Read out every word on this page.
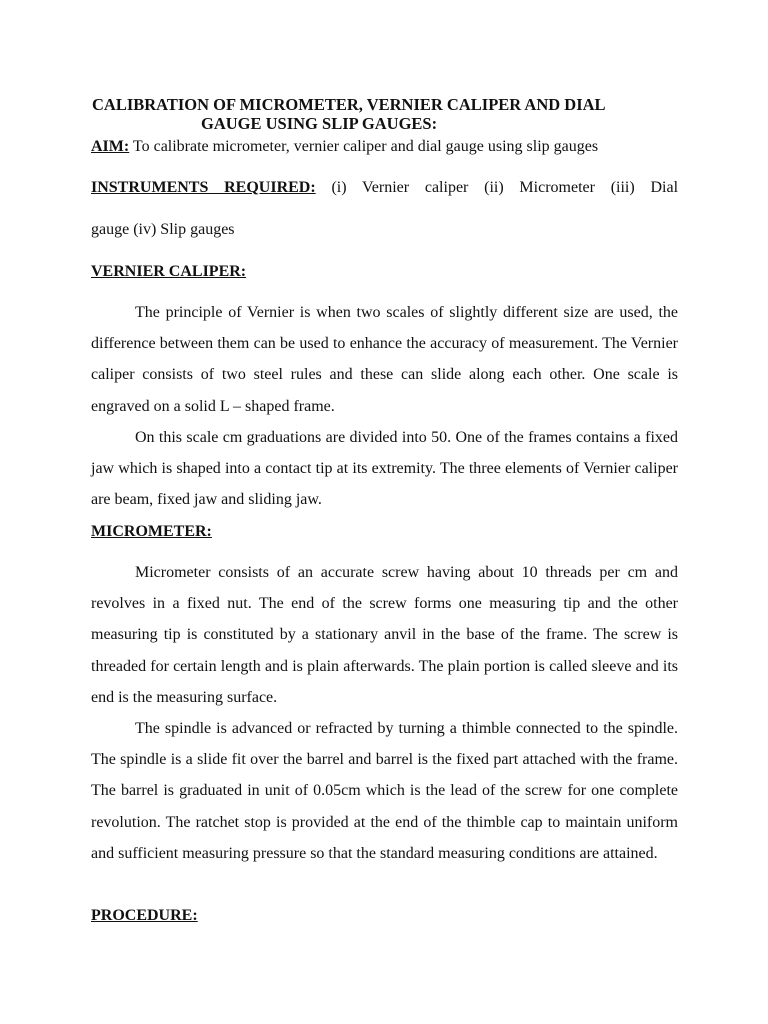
CALIBRATION OF MICROMETER, VERNIER CALIPER AND DIAL
GAUGE USING SLIP GAUGES:
AIM: To calibrate micrometer, vernier caliper and dial gauge using slip gauges
INSTRUMENTS REQUIRED: (i) Vernier caliper (ii) Micrometer (iii) Dial
gauge (iv) Slip gauges
VERNIER CALIPER:

The principle of Vernier is when two scales of slightly different size are used, the difference between them can be used to enhance the accuracy of measurement. The Vernier caliper consists of two steel rules and these can slide along each other. One scale is engraved on a solid L – shaped frame.

On this scale cm graduations are divided into 50. One of the frames contains a fixed jaw which is shaped into a contact tip at its extremity. The three elements of Vernier caliper are beam, fixed jaw and sliding jaw.

MICROMETER:

Micrometer consists of an accurate screw having about 10 threads per cm and revolves in a fixed nut. The end of the screw forms one measuring tip and the other measuring tip is constituted by a stationary anvil in the base of the frame. The screw is threaded for certain length and is plain afterwards. The plain portion is called sleeve and its end is the measuring surface.

The spindle is advanced or refracted by turning a thimble connected to the spindle. The spindle is a slide fit over the barrel and barrel is the fixed part attached with the frame. The barrel is graduated in unit of 0.05cm which is the lead of the screw for one complete revolution. The ratchet stop is provided at the end of the thimble cap to maintain uniform and sufficient measuring pressure so that the standard measuring conditions are attained.

PROCEDURE:
